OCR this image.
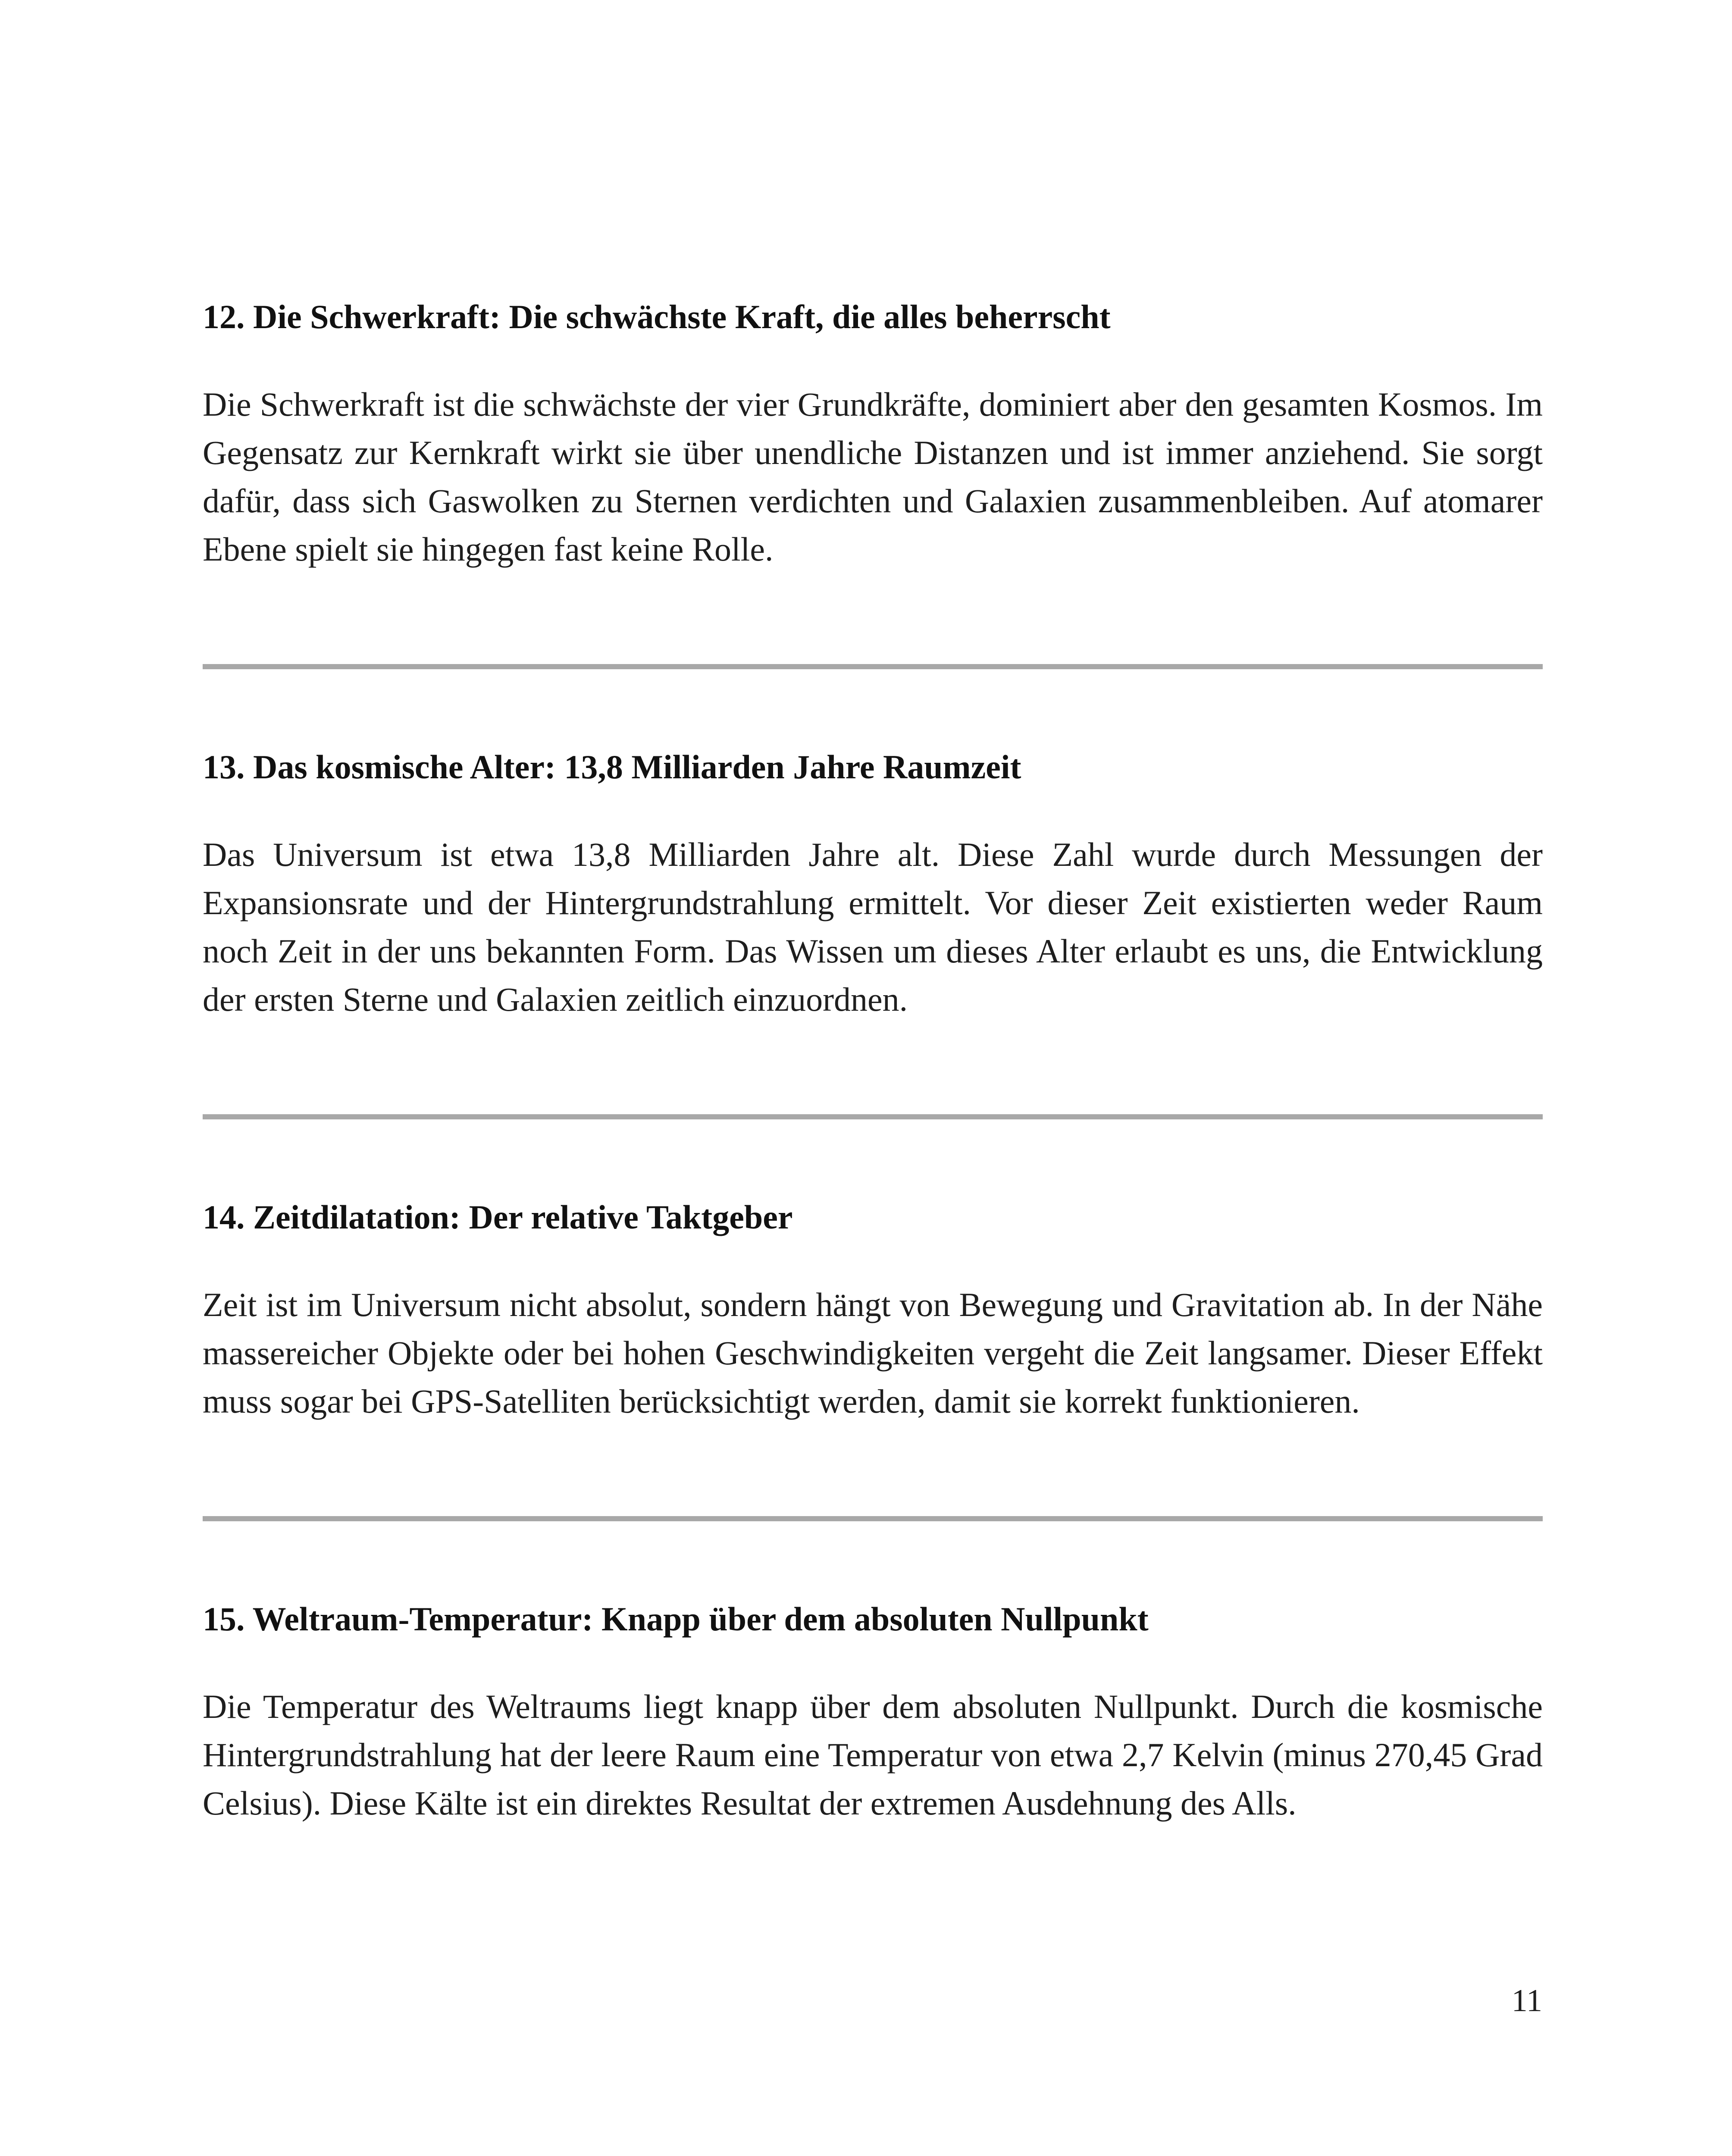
12. Die Schwerkraft: Die schwächste Kraft, die alles beherrscht

Die Schwerkraft ist die schwächste der vier Grundkräfte, dominiert aber den gesamten Kosmos. Im Gegensatz zur Kernkraft wirkt sie über unendliche Distanzen und ist immer anziehend. Sie sorgt dafür, dass sich Gaswolken zu Sternen verdichten und Galaxien zusammenbleiben. Auf atomarer Ebene spielt sie hingegen fast keine Rolle.

13. Das kosmische Alter: 13,8 Milliarden Jahre Raumzeit

Das Universum ist etwa 13,8 Milliarden Jahre alt. Diese Zahl wurde durch Messungen der Expansionsrate und der Hintergrundstrahlung ermittelt. Vor dieser Zeit existierten weder Raum noch Zeit in der uns bekannten Form. Das Wissen um dieses Alter erlaubt es uns, die Entwicklung der ersten Sterne und Galaxien zeitlich einzuordnen.

14. Zeitdilatation: Der relative Taktgeber

Zeit ist im Universum nicht absolut, sondern hängt von Bewegung und Gravitation ab. In der Nähe massereicher Objekte oder bei hohen Geschwindigkeiten vergeht die Zeit langsamer. Dieser Effekt muss sogar bei GPS-Satelliten berücksichtigt werden, damit sie korrekt funktionieren.

15. Weltraum-Temperatur: Knapp über dem absoluten Nullpunkt

Die Temperatur des Weltraums liegt knapp über dem absoluten Nullpunkt. Durch die kosmische Hintergrundstrahlung hat der leere Raum eine Temperatur von etwa 2,7 Kelvin (minus 270,45 Grad Celsius). Diese Kälte ist ein direktes Resultat der extremen Ausdehnung des Alls.

11
